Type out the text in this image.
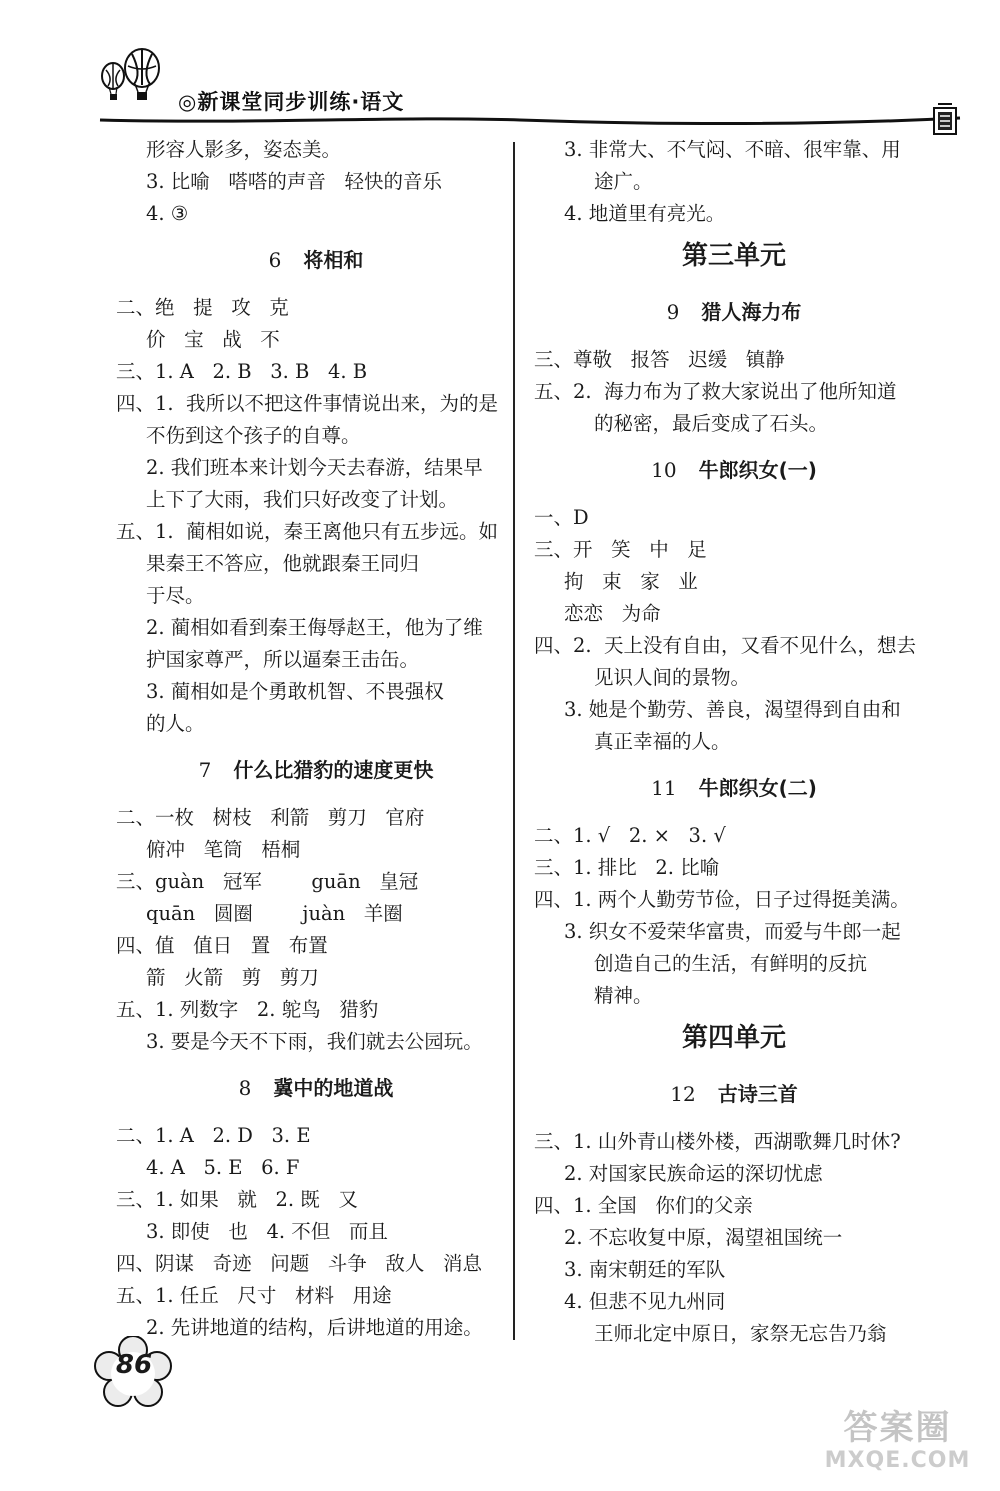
◎新课堂同步训练·语文
形容人影多，姿态美。
3. 比喻   嗒嗒的声音   轻快的音乐
4. ③
6 将相和
二、绝   提   攻   克
价   宝   战   不
三、1. A   2. B   3. B   4. B
四、1.  我所以不把这件事情说出来，为的是
不伤到这个孩子的自尊。
2. 我们班本来计划今天去春游，结果早
上下了大雨，我们只好改变了计划。
五、1.  蔺相如说，秦王离他只有五步远。如
果秦王不答应，他就跟秦王同归
于尽。
2. 蔺相如看到秦王侮辱赵王，他为了维
护国家尊严，所以逼秦王击缶。
3. 蔺相如是个勇敢机智、不畏强权
的人。
7 什么比猎豹的速度更快
二、一枚   树枝   利箭   剪刀   官府
俯冲   笔筒   梧桐
三、guàn   冠军        guān   皇冠
quān   圆圈        juàn   羊圈
四、值   值日   置   布置
箭   火箭   剪   剪刀
五、1. 列数字   2. 鸵鸟   猎豹
3. 要是今天不下雨，我们就去公园玩。
8 冀中的地道战
二、1. A   2. D   3. E
4. A   5. E   6. F
三、1. 如果   就   2. 既   又
3. 即使   也   4. 不但   而且
四、阴谋   奇迹   问题   斗争   敌人   消息
五、1. 任丘   尺寸   材料   用途
2. 先讲地道的结构，后讲地道的用途。
3. 非常大、不气闷、不暗、很牢靠、用
途广。
4. 地道里有亮光。
第三单元
9 猎人海力布
三、尊敬   报答   迟缓   镇静
五、2.  海力布为了救大家说出了他所知道
的秘密，最后变成了石头。
10 牛郎织女(一)
一、D
三、开   笑   中   足
拘   束   家   业
恋恋   为命
四、2.  天上没有自由，又看不见什么，想去
见识人间的景物。
3. 她是个勤劳、善良，渴望得到自由和
真正幸福的人。
11 牛郎织女(二)
二、1. √   2. ×   3. √
三、1. 排比   2. 比喻
四、1. 两个人勤劳节俭，日子过得挺美满。
3. 织女不爱荣华富贵，而爱与牛郎一起
创造自己的生活，有鲜明的反抗
精神。
第四单元
12 古诗三首
三、1. 山外青山楼外楼，西湖歌舞几时休?
2. 对国家民族命运的深切忧虑
四、1. 全国   你们的父亲
2. 不忘收复中原，渴望祖国统一
3. 南宋朝廷的军队
4. 但悲不见九州同
王师北定中原日，家祭无忘告乃翁
86
答案圈
MXQE.COM
